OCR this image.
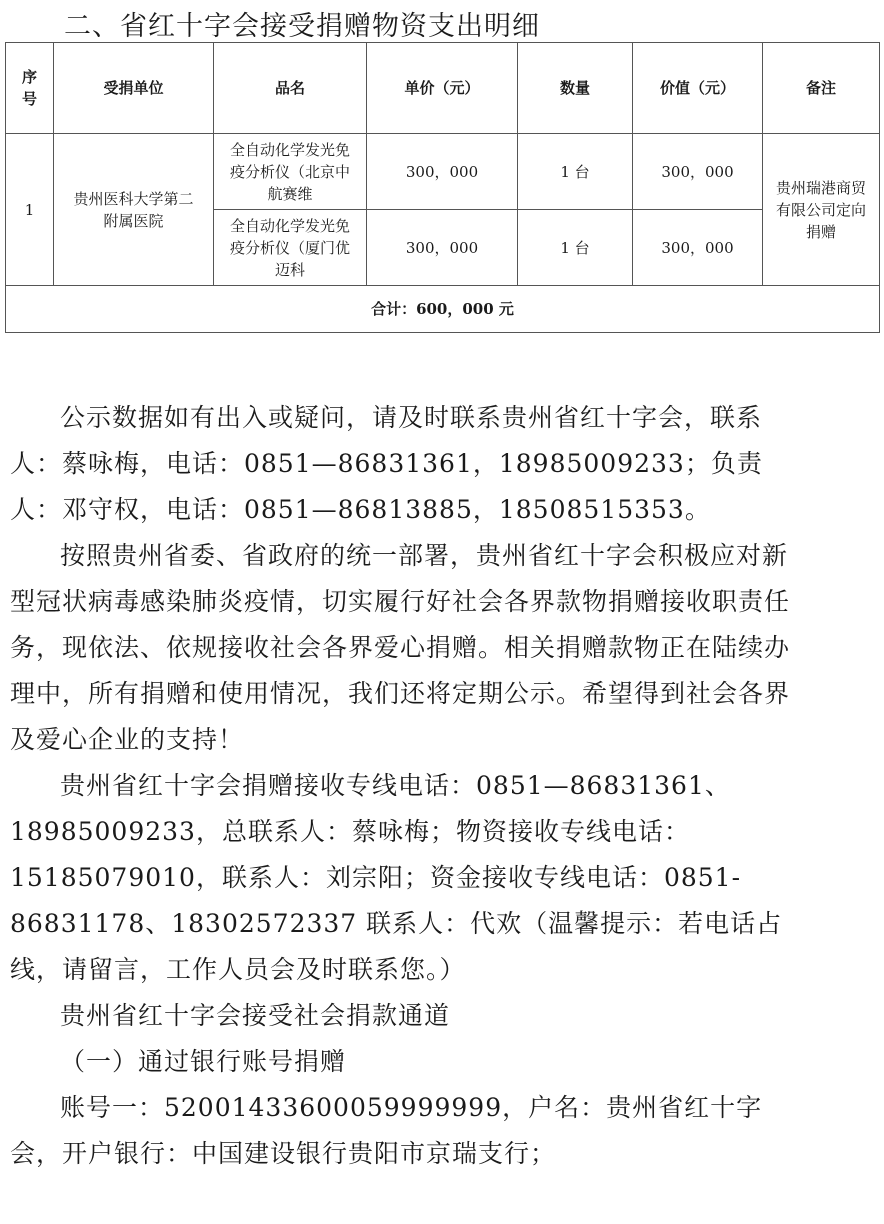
二、省红十字会接受捐赠物资支出明细
序号	受捐单位	品名	单价（元）	数量	价值（元）	备注
1	贵州医科大学第二附属医院	全自动化学发光免疫分析仪（北京中航赛维	300，000	1 台	300，000	贵州瑞港商贸有限公司定向捐赠
		全自动化学发光免疫分析仪（厦门优迈科	300，000	1 台	300，000	
合计：600，000 元						

公示数据如有出入或疑问，请及时联系贵州省红十字会，联系人：蔡咏梅，电话：0851—86831361，18985009233；负责人：邓守权，电话：0851—86813885，18508515353。

按照贵州省委、省政府的统一部署，贵州省红十字会积极应对新型冠状病毒感染肺炎疫情，切实履行好社会各界款物捐赠接收职责任务，现依法、依规接收社会各界爱心捐赠。相关捐赠款物正在陆续办理中，所有捐赠和使用情况，我们还将定期公示。希望得到社会各界及爱心企业的支持！

贵州省红十字会捐赠接收专线电话：0851—86831361、18985009233，总联系人：蔡咏梅；物资接收专线电话：15185079010，联系人：刘宗阳；资金接收专线电话：0851-86831178、18302572337 联系人：代欢（温馨提示：若电话占线，请留言，工作人员会及时联系您。）

贵州省红十字会接受社会捐款通道

（一）通过银行账号捐赠

账号一：52001433600059999999，户名：贵州省红十字会，开户银行：中国建设银行贵阳市京瑞支行；
